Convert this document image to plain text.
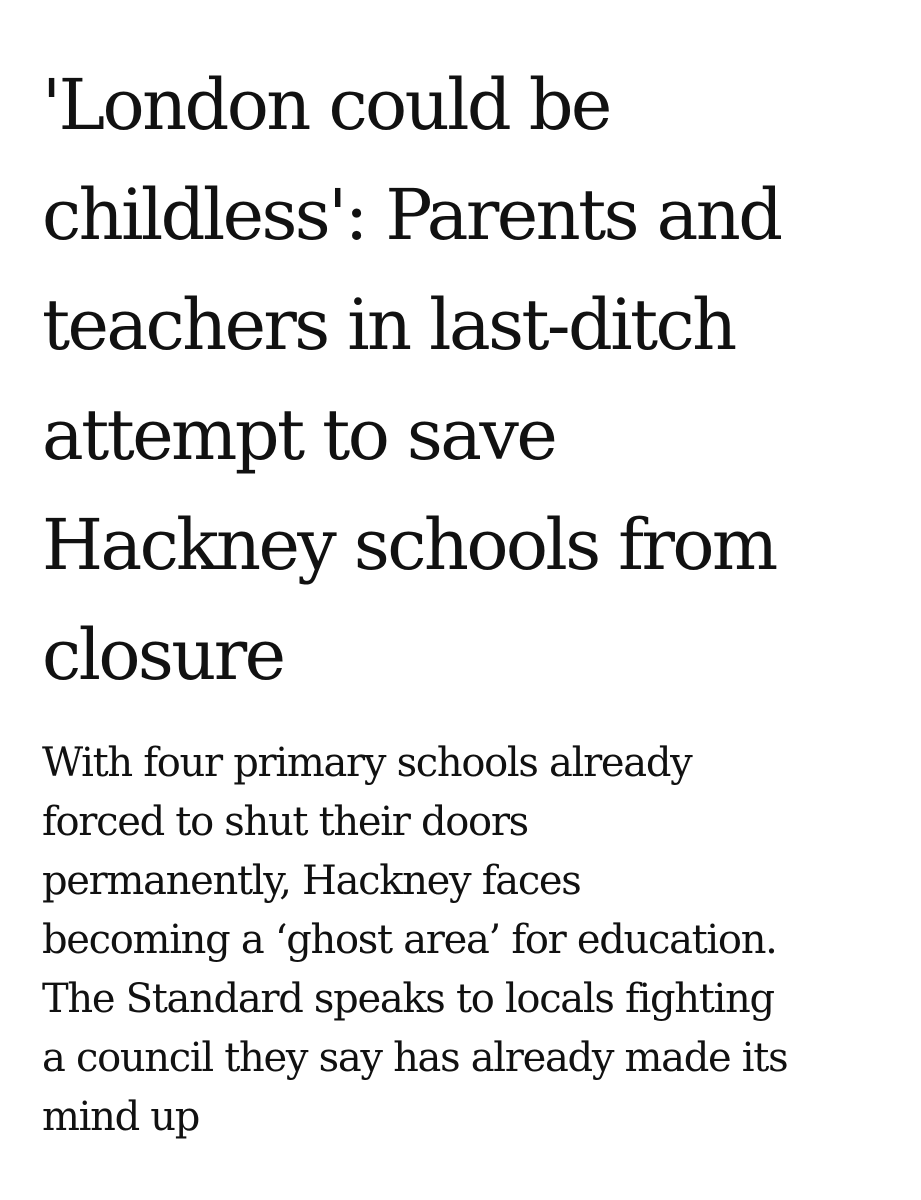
'London could be
childless': Parents and
teachers in last-ditch
attempt to save
Hackney schools from
closure

With four primary schools already
forced to shut their doors
permanently, Hackney faces
becoming a ‘ghost area’ for education.
The Standard speaks to locals fighting
a council they say has already made its
mind up
